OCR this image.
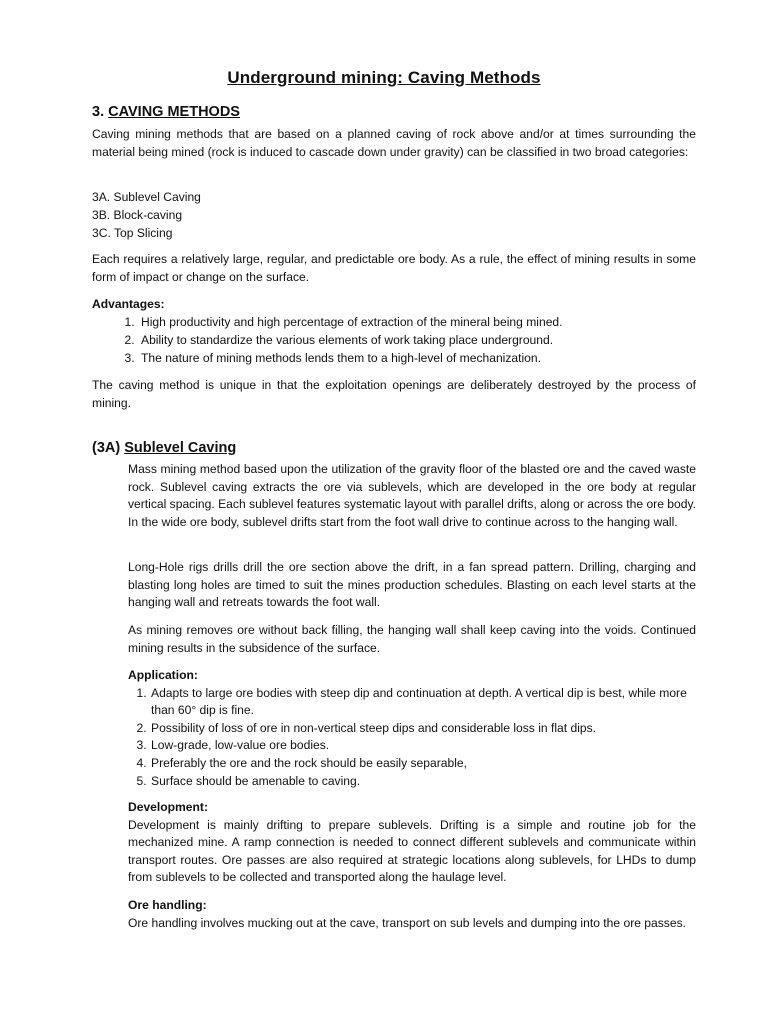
Underground mining: Caving Methods
3. CAVING METHODS

Caving mining methods that are based on a planned caving of rock above and/or at times surrounding the material being mined (rock is induced to cascade down under gravity) can be classified in two broad categories:

3A. Sublevel Caving
3B. Block-caving
3C. Top Slicing

Each requires a relatively large, regular, and predictable ore body. As a rule, the effect of mining results in some form of impact or change on the surface.

Advantages:
1. High productivity and high percentage of extraction of the mineral being mined.
2. Ability to standardize the various elements of work taking place underground.
3. The nature of mining methods lends them to a high-level of mechanization.

The caving method is unique in that the exploitation openings are deliberately destroyed by the process of mining.

(3A) Sublevel Caving

Mass mining method based upon the utilization of the gravity floor of the blasted ore and the caved waste rock. Sublevel caving extracts the ore via sublevels, which are developed in the ore body at regular vertical spacing. Each sublevel features systematic layout with parallel drifts, along or across the ore body. In the wide ore body, sublevel drifts start from the foot wall drive to continue across to the hanging wall.

Long-Hole rigs drills drill the ore section above the drift, in a fan spread pattern. Drilling, charging and blasting long holes are timed to suit the mines production schedules. Blasting on each level starts at the hanging wall and retreats towards the foot wall.

As mining removes ore without back filling, the hanging wall shall keep caving into the voids. Continued mining results in the subsidence of the surface.

Application:
1. Adapts to large ore bodies with steep dip and continuation at depth. A vertical dip is best, while more than 60° dip is fine.
2. Possibility of loss of ore in non-vertical steep dips and considerable loss in flat dips.
3. Low-grade, low-value ore bodies.
4. Preferably the ore and the rock should be easily separable,
5. Surface should be amenable to caving.
Development:

Development is mainly drifting to prepare sublevels. Drifting is a simple and routine job for the mechanized mine. A ramp connection is needed to connect different sublevels and communicate within transport routes. Ore passes are also required at strategic locations along sublevels, for LHDs to dump from sublevels to be collected and transported along the haulage level.

Ore handling:

Ore handling involves mucking out at the cave, transport on sub levels and dumping into the ore passes.
